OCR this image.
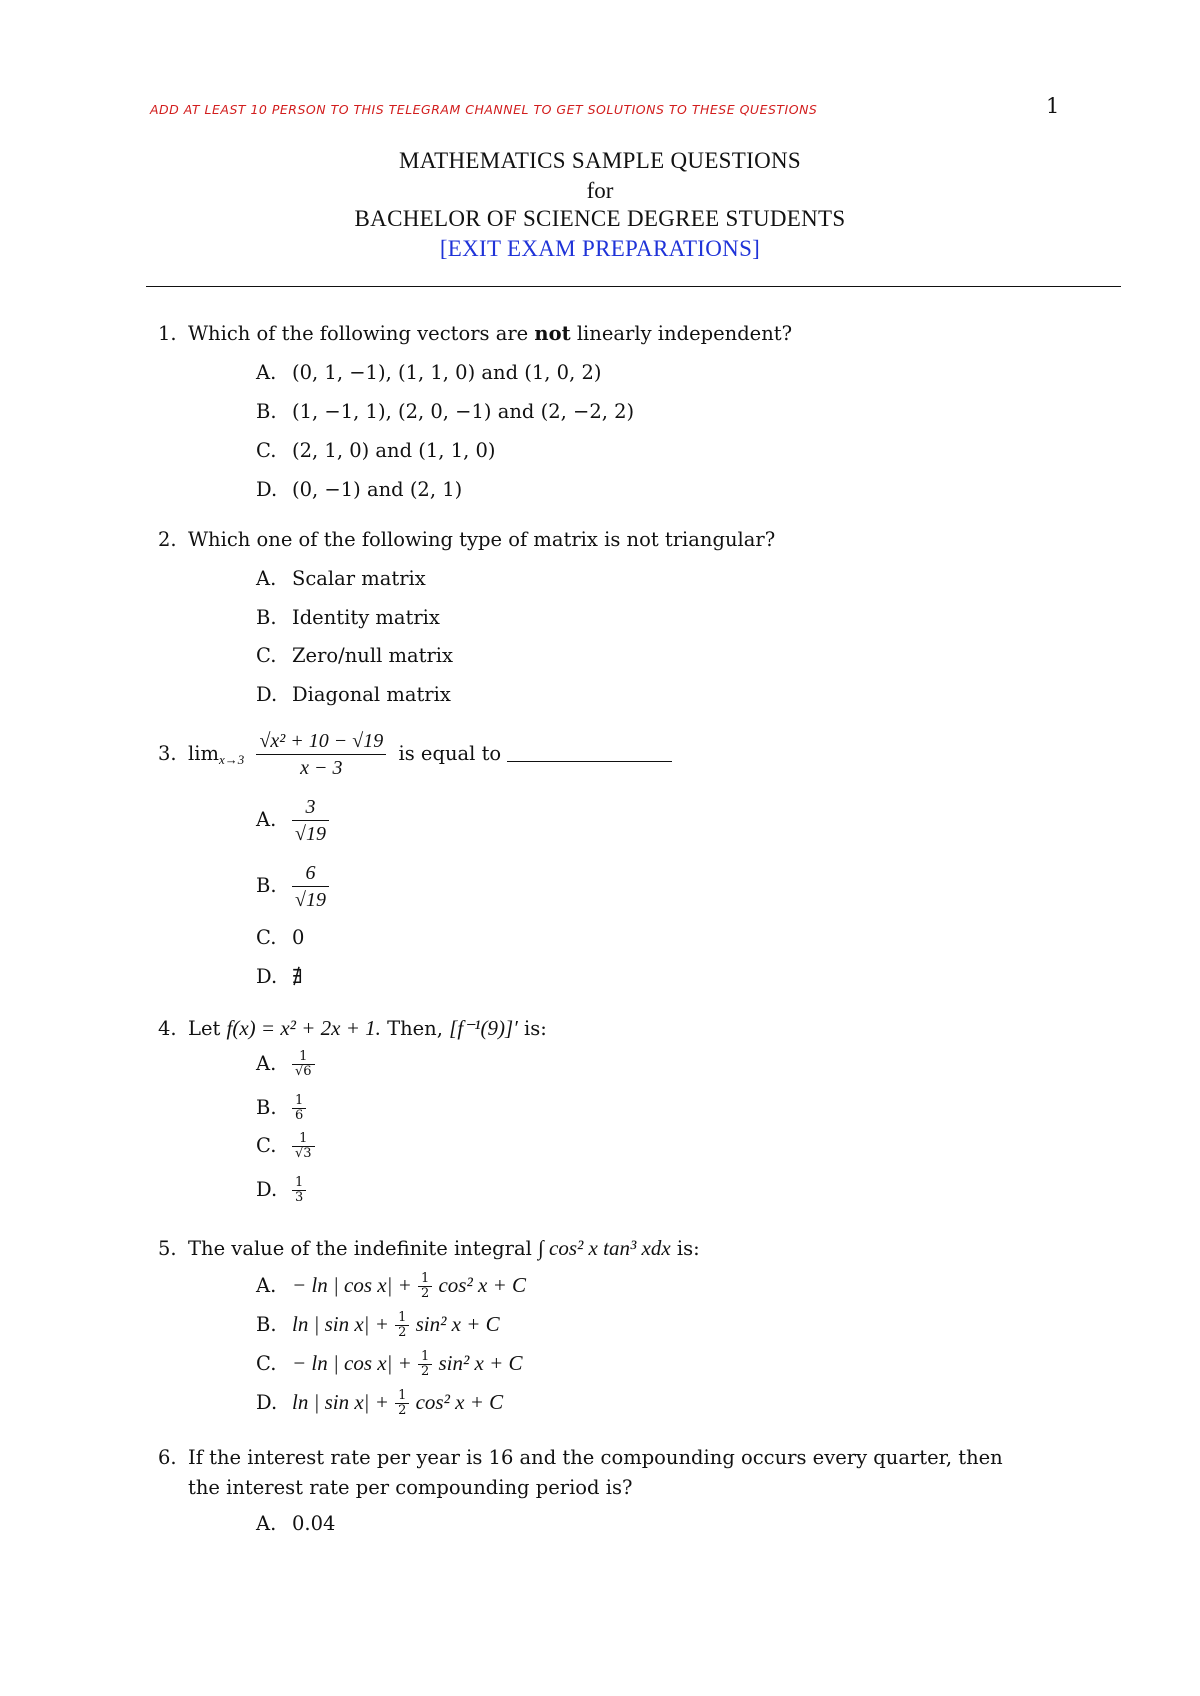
ADD AT LEAST 10 PERSON TO THIS TELEGRAM CHANNEL TO GET SOLUTIONS TO THESE QUESTIONS	1
MATHEMATICS SAMPLE QUESTIONS
for
BACHELOR OF SCIENCE DEGREE STUDENTS
[EXIT EXAM PREPARATIONS]
1. Which of the following vectors are not linearly independent?
A. (0, 1, −1), (1, 1, 0) and (1, 0, 2)
B. (1, −1, 1), (2, 0, −1) and (2, −2, 2)
C. (2, 1, 0) and (1, 1, 0)
D. (0, −1) and (2, 1)
2. Which one of the following type of matrix is not triangular?
A. Scalar matrix
B. Identity matrix
C. Zero/null matrix
D. Diagonal matrix
3. $\lim_{x\to 3} \frac{\text{√x² + 10 − √19}}{x - 3}$ is equal to
A. $\frac{3}{√19}$
B. $\frac{6}{√19}$
C. 0
D. ∄
4. Let f(x) = x² + 2x + 1. Then, [f⁻¹(9)]′ is:
A. $\frac{1}{√6}$
B. $\frac{1}{6}$
C. $\frac{1}{√3}$
D. $\frac{1}{3}$
5. The value of the indefinite integral ∫ cos² x tan³ xdx is:
A. − ln | $\cos x| + \frac{1}{2} \cos^2$ x + C
B. ln | $\sin x| + \frac{1}{2} \sin^2$ x + C
C. − ln | $\cos x| + \frac{1}{2} \sin^2$ x + C
D. ln | $\sin x| + \frac{1}{2} \cos^2$ x + C
6. If the interest rate per year is 16 and the compounding occurs every quarter, then
the interest rate per compounding period is?
A. 0.04
